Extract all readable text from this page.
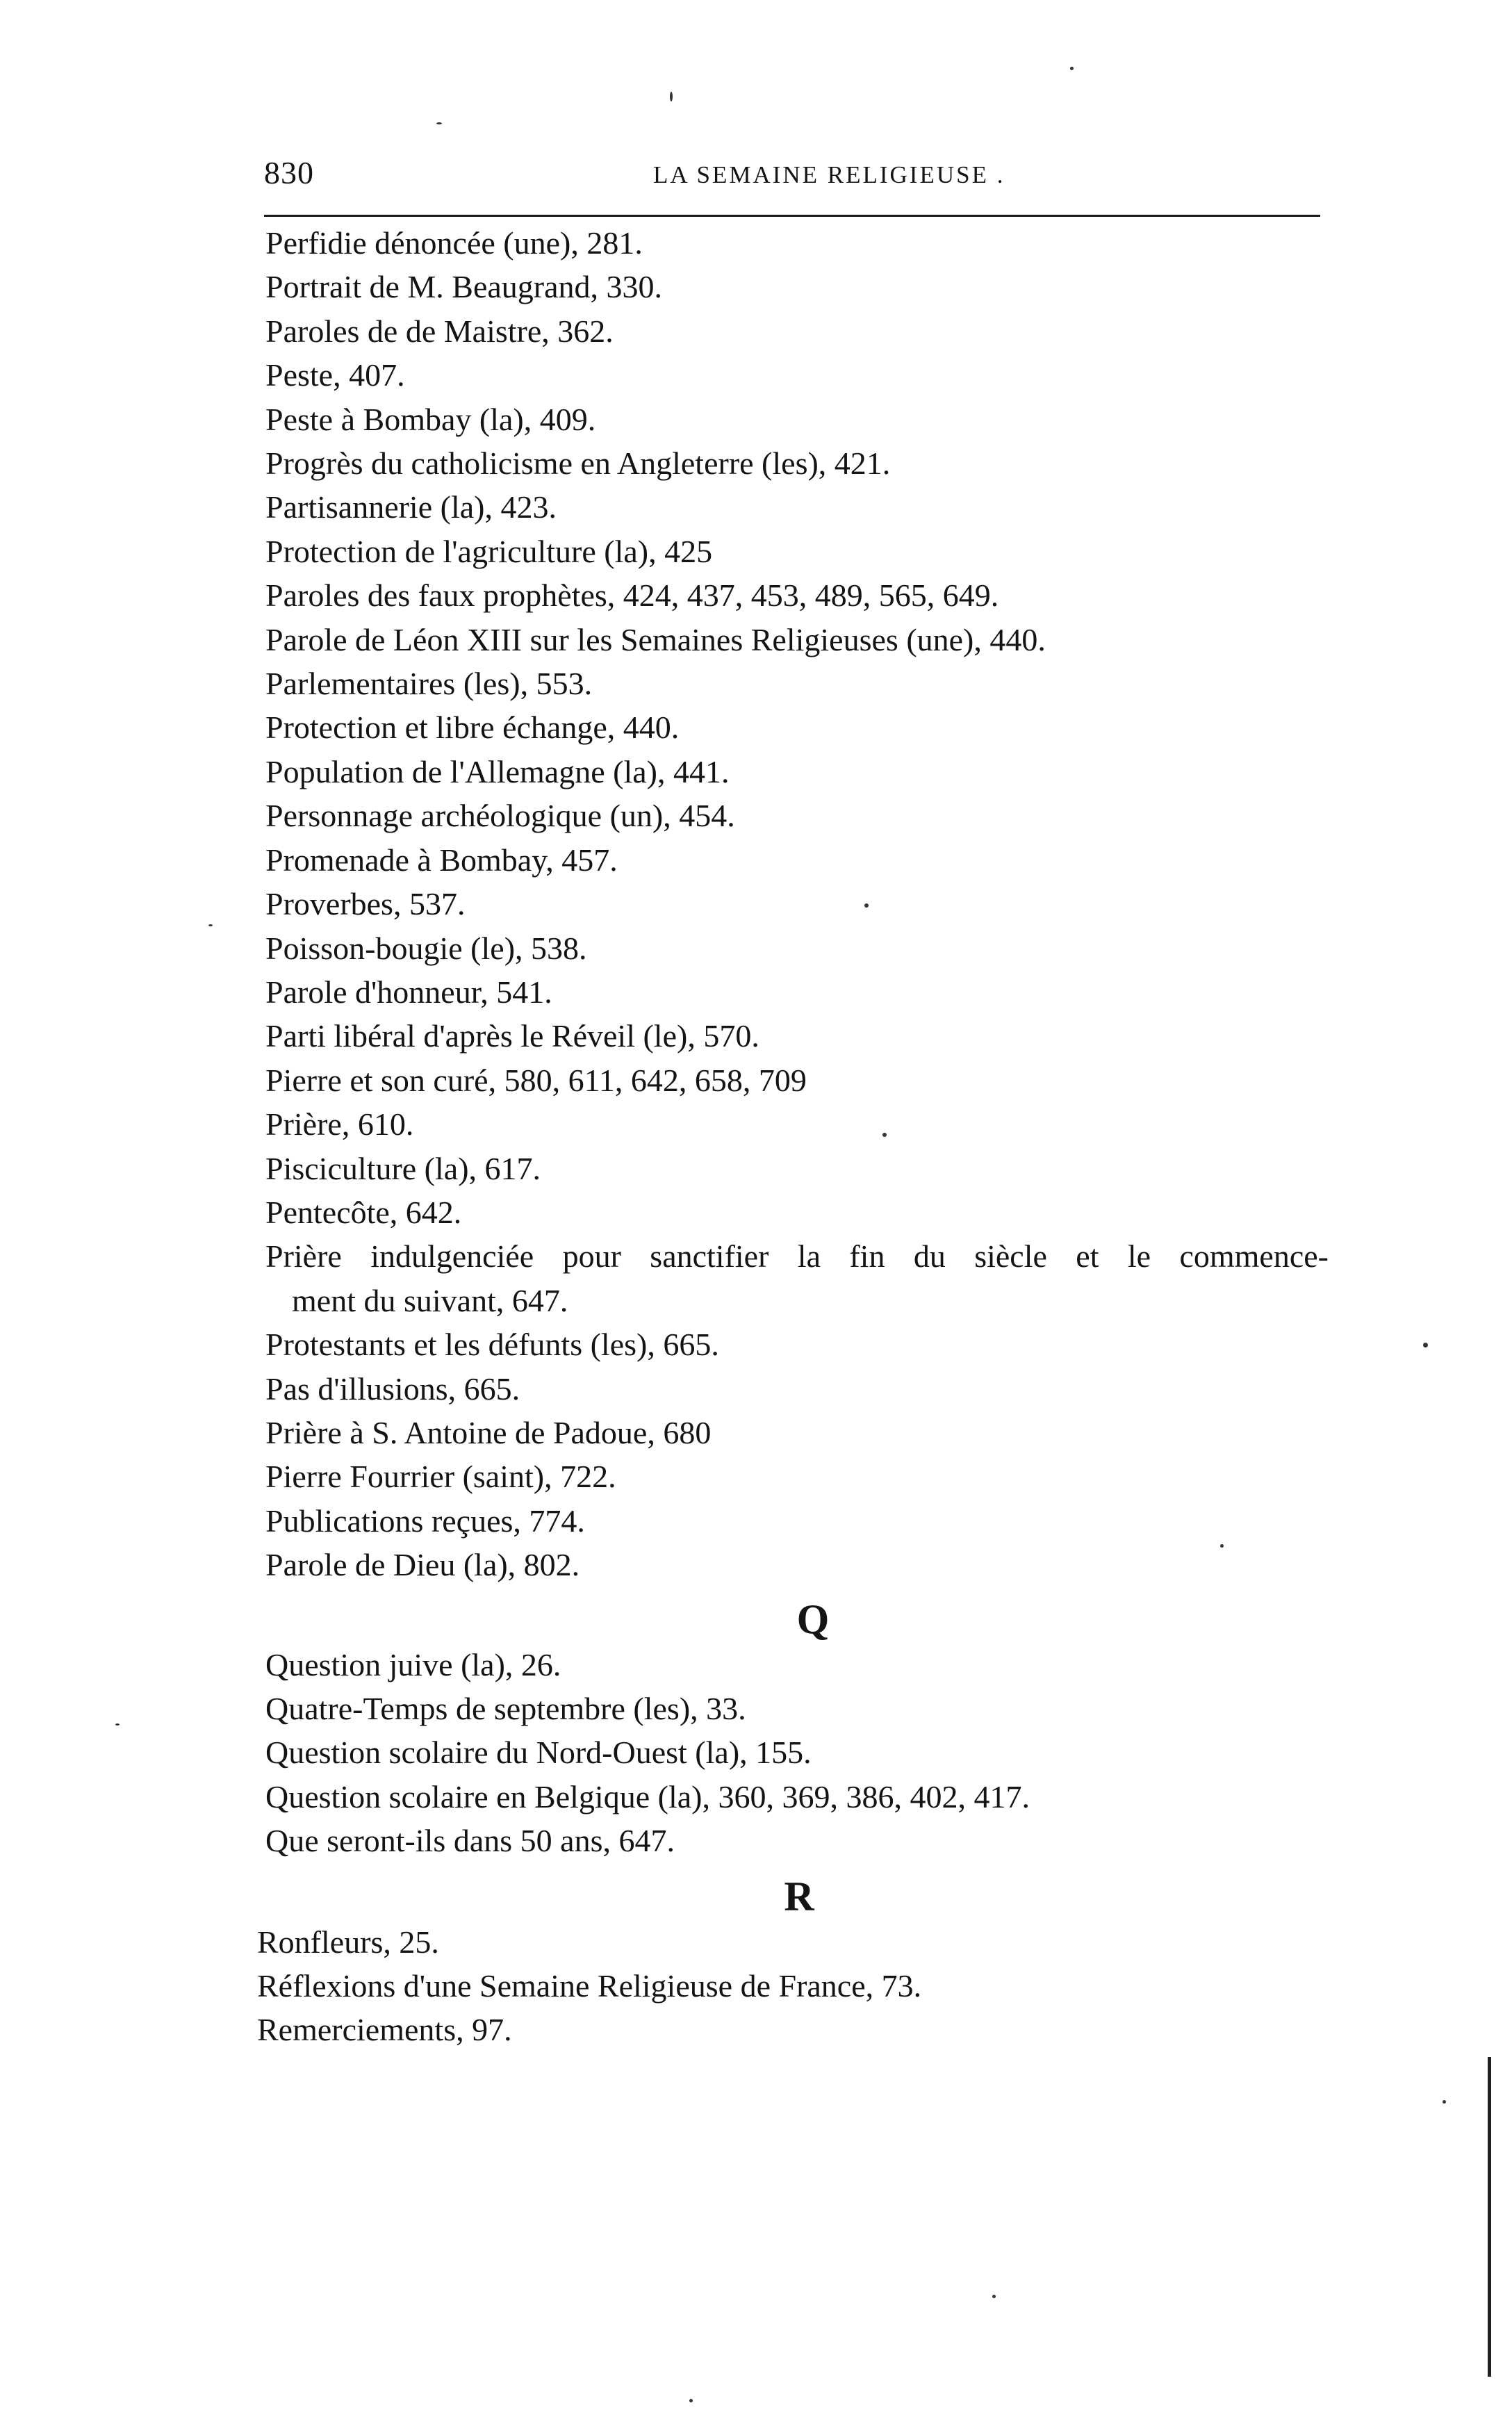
830	LA SEMAINE RELIGIEUSE .
Perfidie dénoncée (une), 281.
Portrait de M. Beaugrand, 330.
Paroles de de Maistre, 362.
Peste, 407.
Peste à Bombay (la), 409.
Progrès du catholicisme en Angleterre (les), 421.
Partisannerie (la), 423.
Protection de l'agriculture (la), 425
Paroles des faux prophètes, 424, 437, 453, 489, 565, 649.
Parole de Léon XIII sur les Semaines Religieuses (une), 440.
Parlementaires (les), 553.
Protection et libre échange, 440.
Population de l'Allemagne (la), 441.
Personnage archéologique (un), 454.
Promenade à Bombay, 457.
Proverbes, 537.
Poisson-bougie (le), 538.
Parole d'honneur, 541.
Parti libéral d'après le Réveil (le), 570.
Pierre et son curé, 580, 611, 642, 658, 709
Prière, 610.
Pisciculture (la), 617.
Pentecôte, 642.
Prière indulgenciée pour sanctifier la fin du siècle et le commence-
ment du suivant, 647.
Protestants et les défunts (les), 665.
Pas d'illusions, 665.
Prière à S. Antoine de Padoue, 680
Pierre Fourrier (saint), 722.
Publications reçues, 774.
Parole de Dieu (la), 802.
Q
Question juive (la), 26.
Quatre-Temps de septembre (les), 33.
Question scolaire du Nord-Ouest (la), 155.
Question scolaire en Belgique (la), 360, 369, 386, 402, 417.
Que seront-ils dans 50 ans, 647.
R
Ronfleurs, 25.
Réflexions d'une Semaine Religieuse de France, 73.
Remerciements, 97.
